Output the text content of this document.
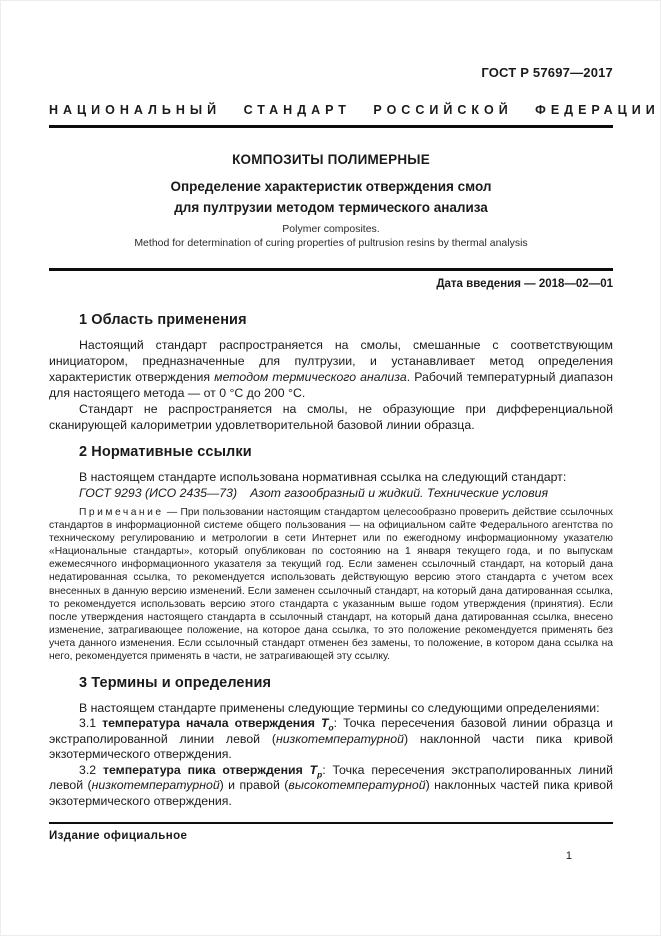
ГОСТ Р 57697—2017
НАЦИОНАЛЬНЫЙ СТАНДАРТ РОССИЙСКОЙ ФЕДЕРАЦИИ
КОМПОЗИТЫ ПОЛИМЕРНЫЕ
Определение характеристик отверждения смол
для пултрузии методом термического анализа
Polymer composites.
Method for determination of curing properties of pultrusion resins by thermal analysis
Дата введения — 2018—02—01
1 Область применения

Настоящий стандарт распространяется на смолы, смешанные с соответствующим инициатором, предназначенные для пултрузии, и устанавливает метод определения характеристик отверждения методом термического анализа. Рабочий температурный диапазон для настоящего метода — от 0 °С до 200 °С.

Стандарт не распространяется на смолы, не образующие при дифференциальной сканирующей калориметрии удовлетворительной базовой линии образца.

2 Нормативные ссылки

В настоящем стандарте использована нормативная ссылка на следующий стандарт:

ГОСТ 9293 (ИСО 2435—73) Азот газообразный и жидкий. Технические условия

Примечание — При пользовании настоящим стандартом целесообразно проверить действие ссылочных стандартов в информационной системе общего пользования — на официальном сайте Федерального агентства по техническому регулированию и метрологии в сети Интернет или по ежегодному информационному указателю «Национальные стандарты», который опубликован по состоянию на 1 января текущего года, и по выпускам ежемесячного информационного указателя за текущий год. Если заменен ссылочный стандарт, на который дана недатированная ссылка, то рекомендуется использовать действующую версию этого стандарта с учетом всех внесенных в данную версию изменений. Если заменен ссылочный стандарт, на который дана датированная ссылка, то рекомендуется использовать версию этого стандарта с указанным выше годом утверждения (принятия). Если после утверждения настоящего стандарта в ссылочный стандарт, на который дана датированная ссылка, внесено изменение, затрагивающее положение, на которое дана ссылка, то это положение рекомендуется применять без учета данного изменения. Если ссылочный стандарт отменен без замены, то положение, в котором дана ссылка на него, рекомендуется применять в части, не затрагивающей эту ссылку.

3 Термины и определения

В настоящем стандарте применены следующие термины со следующими определениями:

3.1 температура начала отверждения $Т_о$: Точка пересечения базовой линии образца и экстраполированной линии левой (низкотемпературной) наклонной части пика кривой экзотермического отверждения.

3.2 температура пика отверждения $Т_р$: Точка пересечения экстраполированных линий левой (низкотемпературной) и правой (высокотемпературной) наклонных частей пика кривой экзотермического отверждения.

Издание официальное
1
